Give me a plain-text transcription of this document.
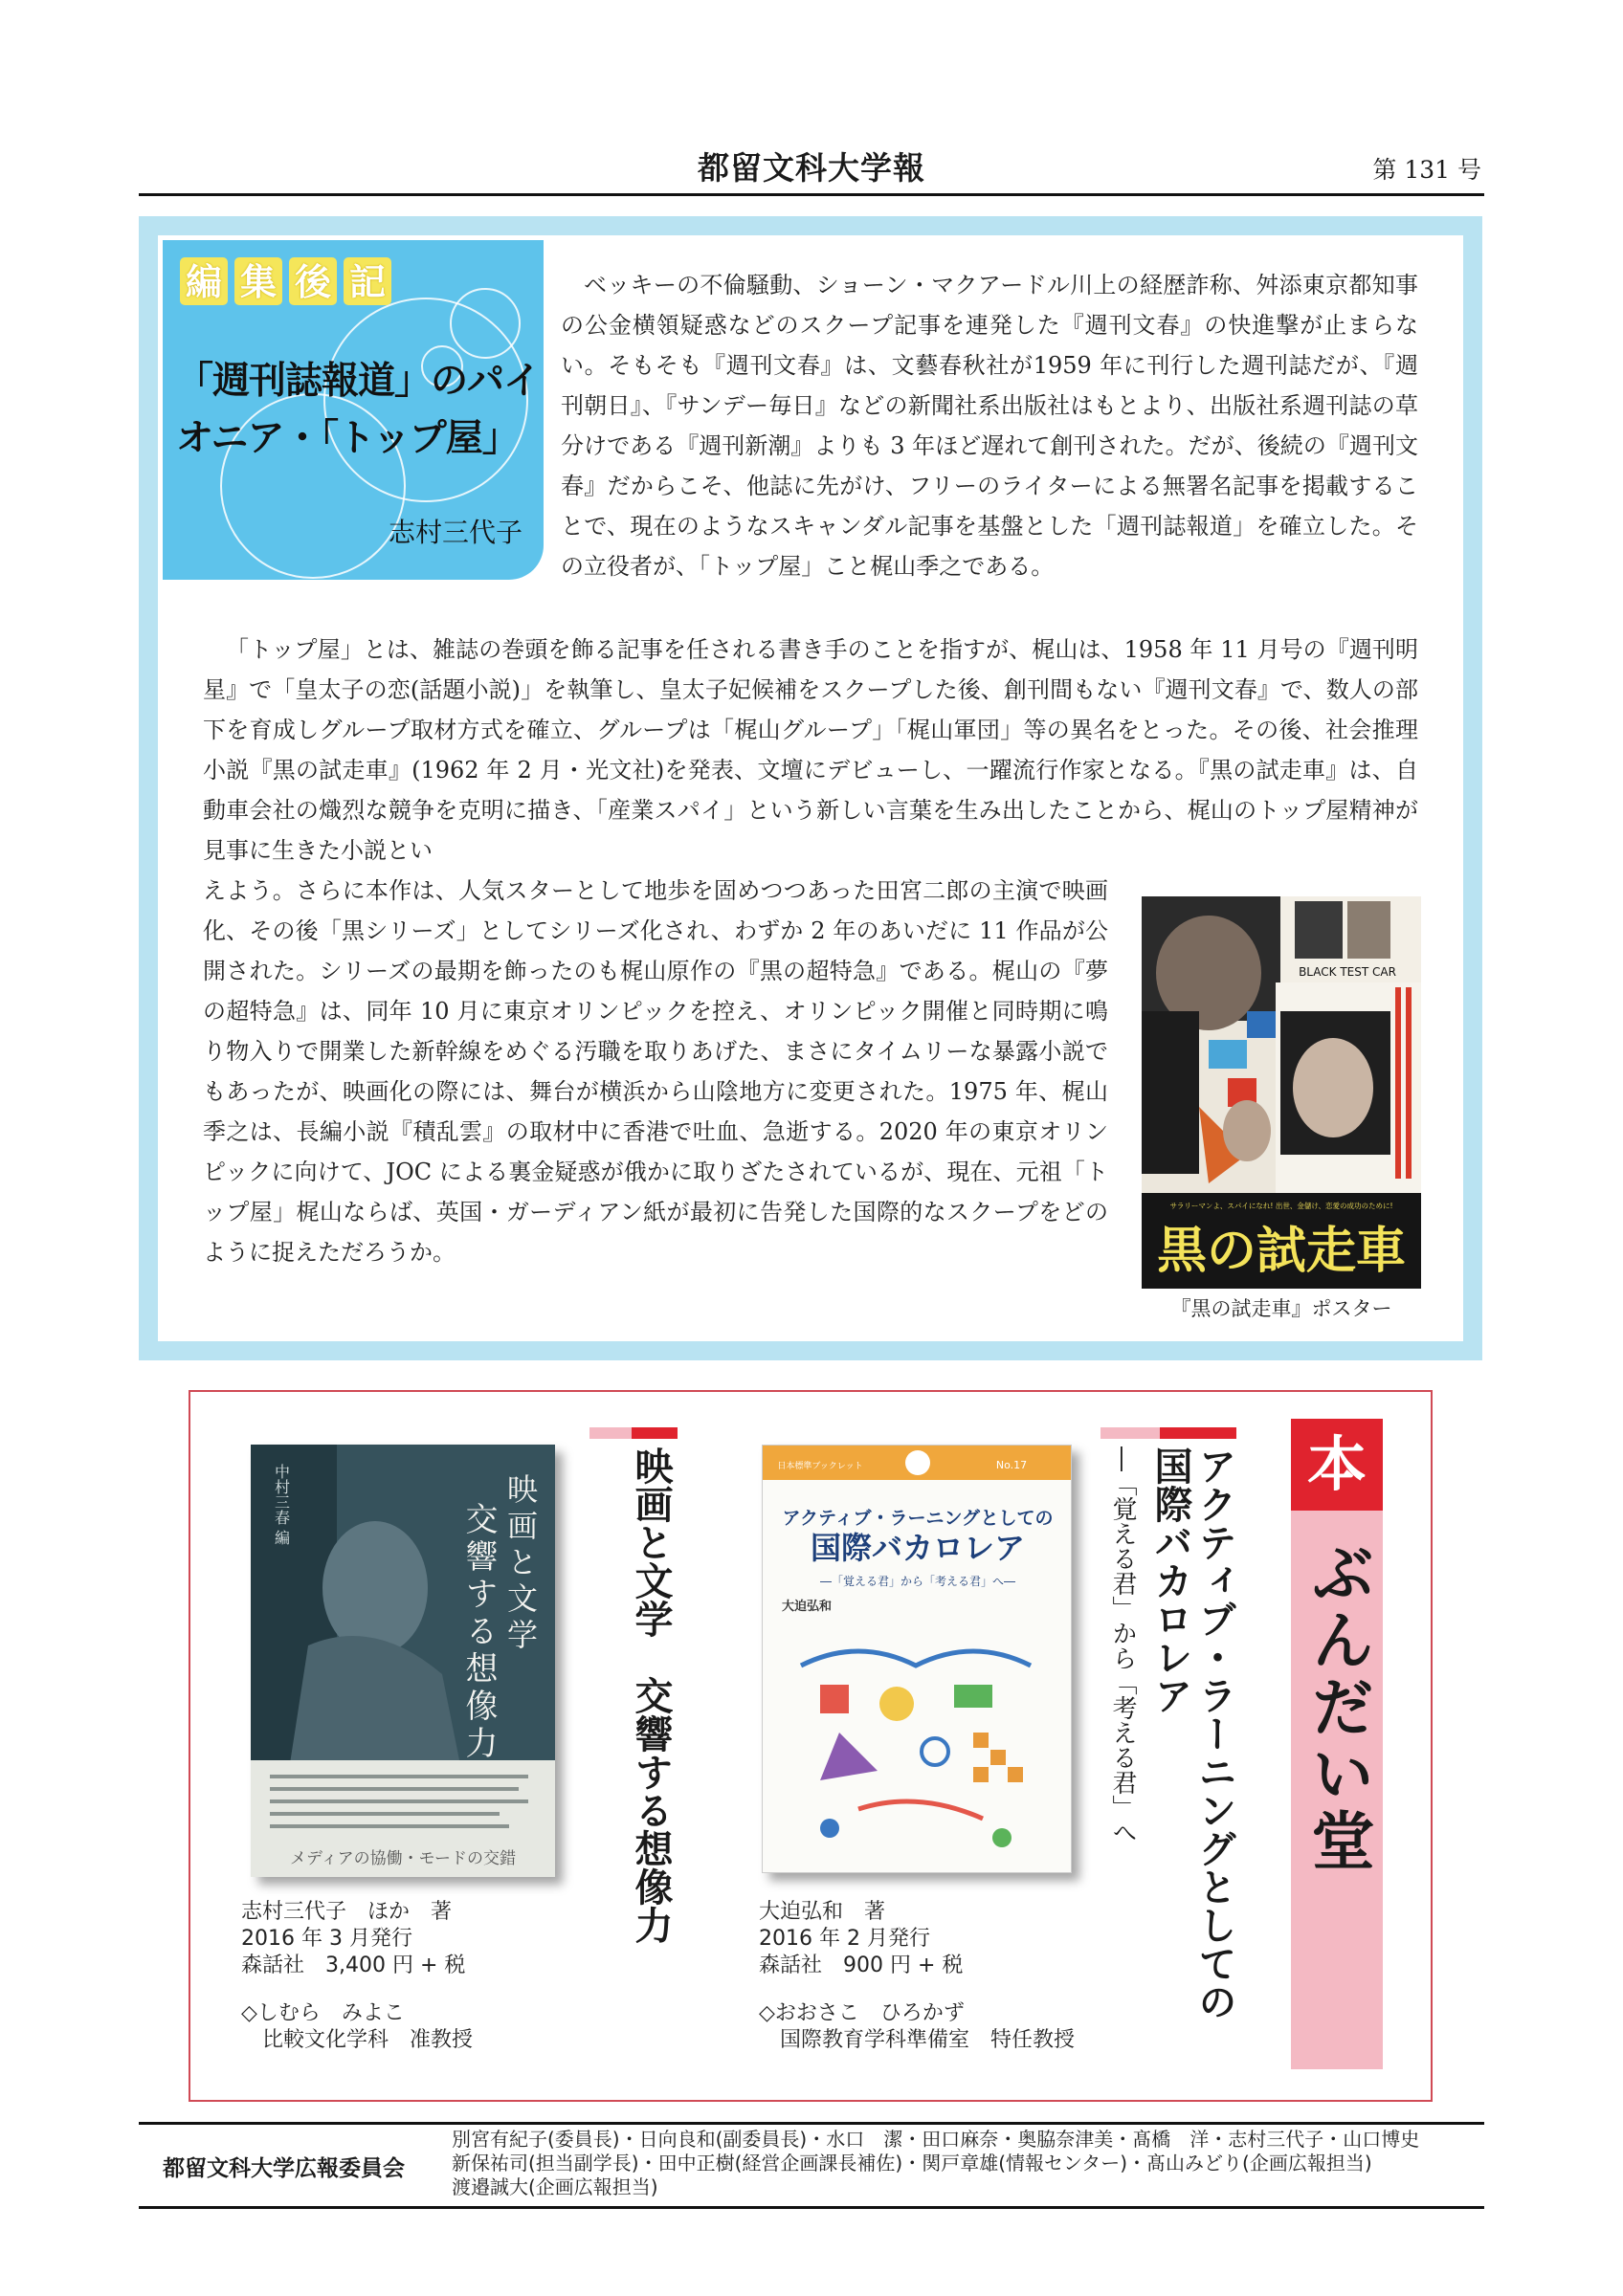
都留文科大学報	第 131 号
編 集 後 記
「週刊誌報道」のパイ
オニア・「トップ屋」
志村三代子

ベッキーの不倫騒動、ショーン・マクアードル川上の経歴詐称、舛添東京都知事の公金横領疑惑などのスクープ記事を連発した『週刊文春』の快進撃が止まらない。そもそも『週刊文春』は、文藝春秋社が1959 年に刊行した週刊誌だが、『週刊朝日』、『サンデー毎日』などの新聞社系出版社はもとより、出版社系週刊誌の草分けである『週刊新潮』よりも 3 年ほど遅れて創刊された。だが、後続の『週刊文春』だからこそ、他誌に先がけ、フリーのライターによる無署名記事を掲載することで、現在のようなスキャンダル記事を基盤とした「週刊誌報道」を確立した。その立役者が、「トップ屋」こと梶山季之である。

「トップ屋」とは、雑誌の巻頭を飾る記事を任される書き手のことを指すが、梶山は、1958 年 11 月号の『週刊明星』で「皇太子の恋(話題小説)」を執筆し、皇太子妃候補をスクープした後、創刊間もない『週刊文春』で、数人の部下を育成しグループ取材方式を確立、グループは「梶山グループ」「梶山軍団」等の異名をとった。その後、社会推理小説『黒の試走車』(1962 年 2 月・光文社)を発表、文壇にデビューし、一躍流行作家となる。『黒の試走車』は、自動車会社の熾烈な競争を克明に描き、「産業スパイ」という新しい言葉を生み出したことから、梶山のトップ屋精神が見事に生きた小説とい

えよう。さらに本作は、人気スターとして地歩を固めつつあった田宮二郎の主演で映画化、その後「黒シリーズ」としてシリーズ化され、わずか 2 年のあいだに 11 作品が公開された。シリーズの最期を飾ったのも梶山原作の『黒の超特急』である。梶山の『夢の超特急』は、同年 10 月に東京オリンピックを控え、オリンピック開催と同時期に鳴り物入りで開業した新幹線をめぐる汚職を取りあげた、まさにタイムリーな暴露小説でもあったが、映画化の際には、舞台が横浜から山陰地方に変更された。1975 年、梶山季之は、長編小説『積乱雲』の取材中に香港で吐血、急逝する。2020 年の東京オリンピックに向けて、JOC による裏金疑惑が俄かに取りざたされているが、現在、元祖「トップ屋」梶山ならば、英国・ガーディアン紙が最初に告発した国際的なスクープをどのように捉えただろうか。

BLACK TEST CAR
サラリーマンよ、スパイになれ! 出世、金儲け、恋愛の成功のために!
黒の試走車
『黒の試走車』ポスター
本
ぶんだい堂
アクティブ・ラーニングとしての
国際バカロレア
―「覚える君」から「考える君」へ
映画と文学　交響する想像力
中村三春 編	映画と文学
交響する想像力
メディアの協働・モードの交錯
日本標準ブックレット	No.17
アクティブ・ラーニングとしての
国際バカロレア
―「覚える君」から「考える君」へ―
大迫弘和
志村三代子　ほか　著
2016 年 3 月発行
森話社　3,400 円 + 税
◇しむら　みよこ
比較文化学科　准教授
大迫弘和　著
2016 年 2 月発行
森話社　900 円 + 税
◇おおさこ　ひろかず
国際教育学科準備室　特任教授
都留文科大学広報委員会
別宮有紀子(委員長)・日向良和(副委員長)・水口　潔・田口麻奈・奥脇奈津美・髙橋　洋・志村三代子・山口博史
新保祐司(担当副学長)・田中正樹(経営企画課長補佐)・関戸章雄(情報センター)・髙山みどり(企画広報担当)
渡邉誠大(企画広報担当)
